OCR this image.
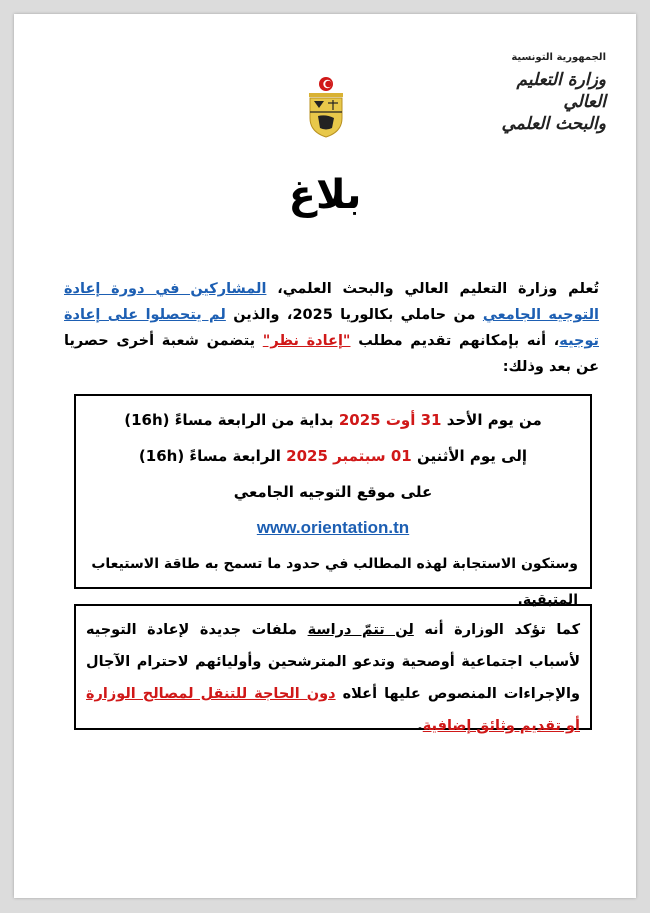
الجمهورية التونسية
وزارة التعليم العالي
والبحث العلمي
بلاغ
تُعلم وزارة التعليم العالي والبحث العلمي، المشاركين في دورة إعادة التوجيه الجامعي من حاملي بكالوريا 2025، والذين لم يتحصلوا على إعادة توجيه، أنه بإمكانهم تقديم مطلب "إعادة نظر" يتضمن شعبة أخرى حصريا عن بعد وذلك:
من يوم الأحد 31 أوت 2025 بداية من الرابعة مساءً (16h)
إلى يوم الأثنين 01 سبتمبر 2025 الرابعة مساءً (16h)
على موقع التوجيه الجامعي
www.orientation.tn
وستكون الاستجابة لهذه المطالب في حدود ما تسمح به طاقة الاستيعاب المتبقية.
كما تؤكد الوزارة أنه لن تتمّ دراسة ملفات جديدة لإعادة التوجيه لأسباب اجتماعية أوصحية وتدعو المترشحين وأوليائهم لاحترام الآجال والإجراءات المنصوص عليها أعلاه دون الحاجة للتنقل لمصالح الوزارة أو تقديم وثائق إضافية.
